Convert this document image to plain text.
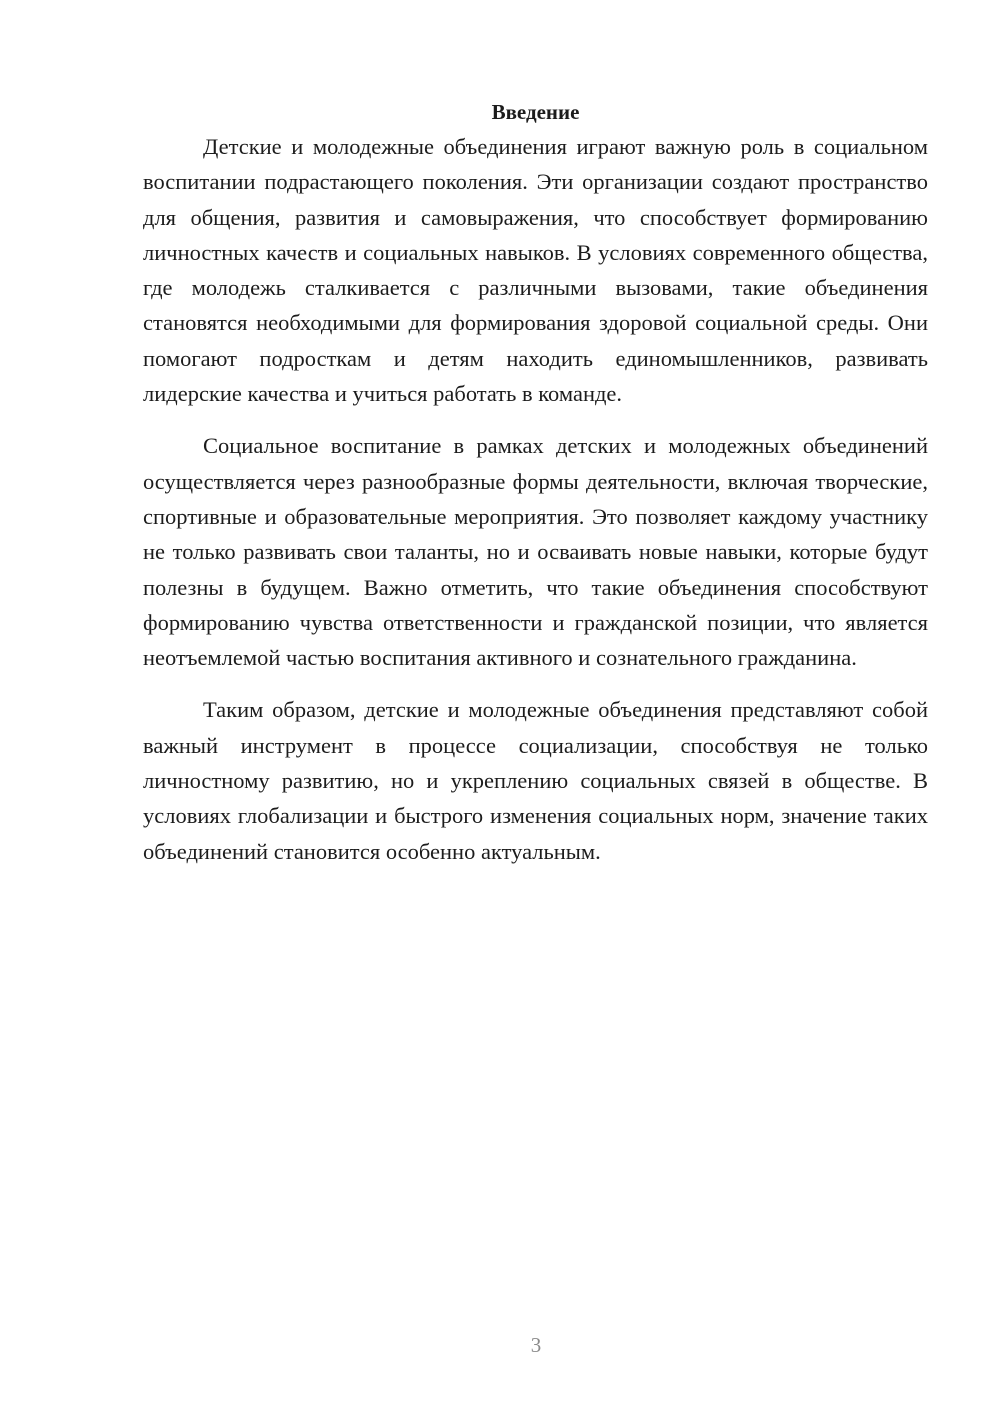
Введение

Детские и молодежные объединения играют важную роль в социальном воспитании подрастающего поколения. Эти организации создают пространство для общения, развития и самовыражения, что способствует формированию личностных качеств и социальных навыков. В условиях современного общества, где молодежь сталкивается с различными вызовами, такие объединения становятся необходимыми для формирования здоровой социальной среды. Они помогают подросткам и детям находить единомышленников, развивать лидерские качества и учиться работать в команде.

Социальное воспитание в рамках детских и молодежных объединений осуществляется через разнообразные формы деятельности, включая творческие, спортивные и образовательные мероприятия. Это позволяет каждому участнику не только развивать свои таланты, но и осваивать новые навыки, которые будут полезны в будущем. Важно отметить, что такие объединения способствуют формированию чувства ответственности и гражданской позиции, что является неотъемлемой частью воспитания активного и сознательного гражданина.

Таким образом, детские и молодежные объединения представляют собой важный инструмент в процессе социализации, способствуя не только личностному развитию, но и укреплению социальных связей в обществе. В условиях глобализации и быстрого изменения социальных норм, значение таких объединений становится особенно актуальным.

3
